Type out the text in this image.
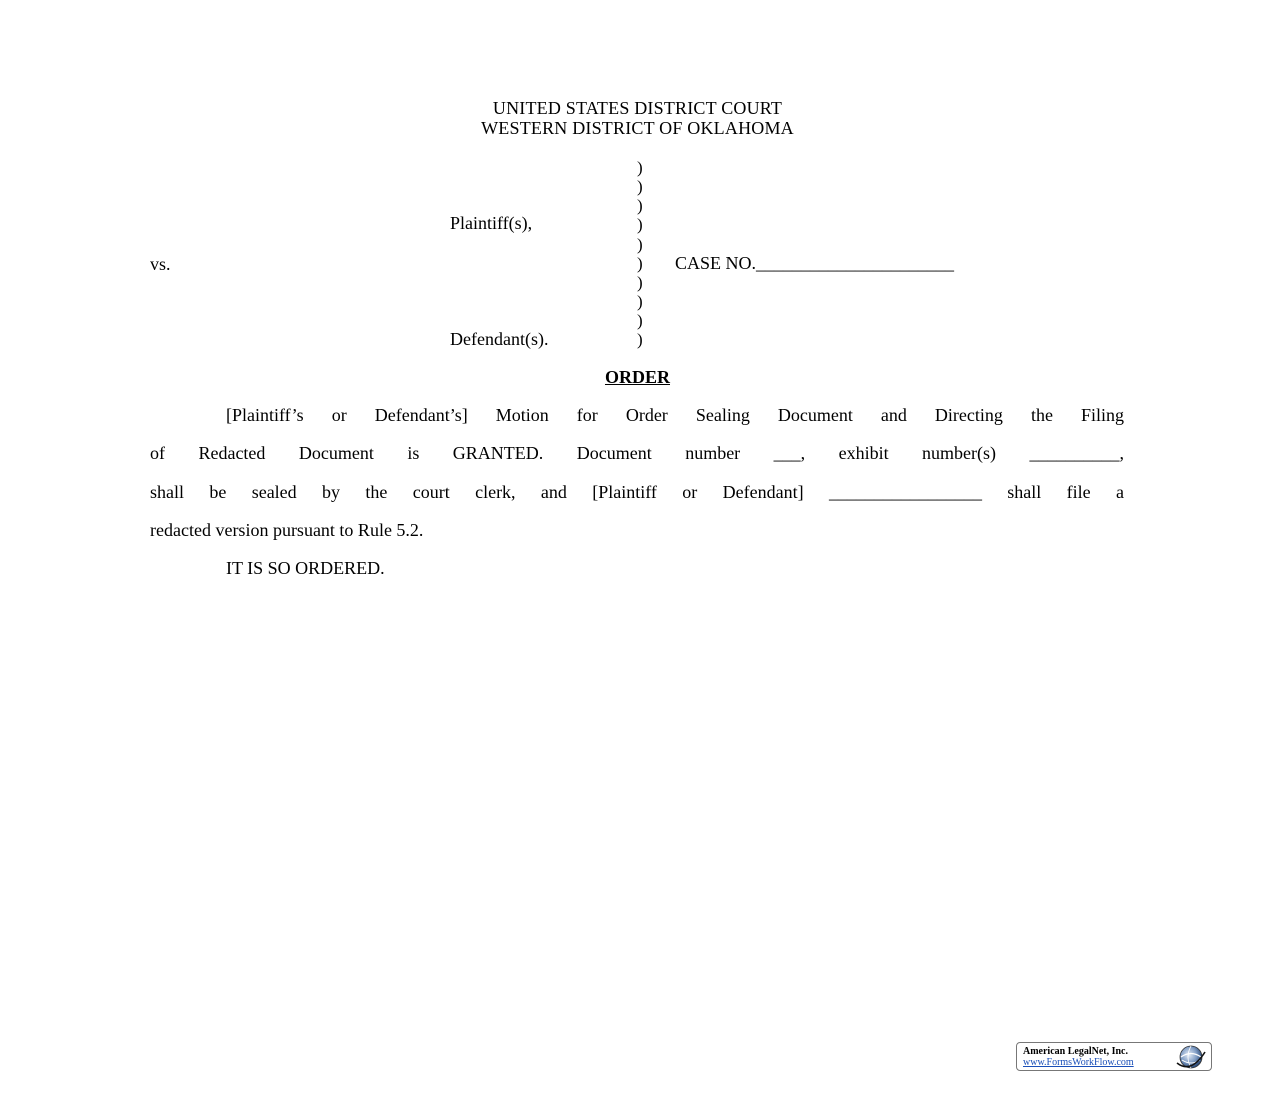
UNITED STATES DISTRICT COURT
WESTERN DISTRICT OF OKLAHOMA
)
)
)
)
)
)
)
)
)
)
Plaintiff(s),
vs.
Defendant(s).
CASE NO.______________________
ORDER
[Plaintiff’s or Defendant’s] Motion for Order Sealing Document and Directing the Filing
of Redacted Document is GRANTED. Document number ___, exhibit number(s) __________,
shall be sealed by the court clerk, and [Plaintiff or Defendant] _________________ shall file a
redacted version pursuant to Rule 5.2.
IT IS SO ORDERED.
American LegalNet, Inc.
www.FormsWorkFlow.com
